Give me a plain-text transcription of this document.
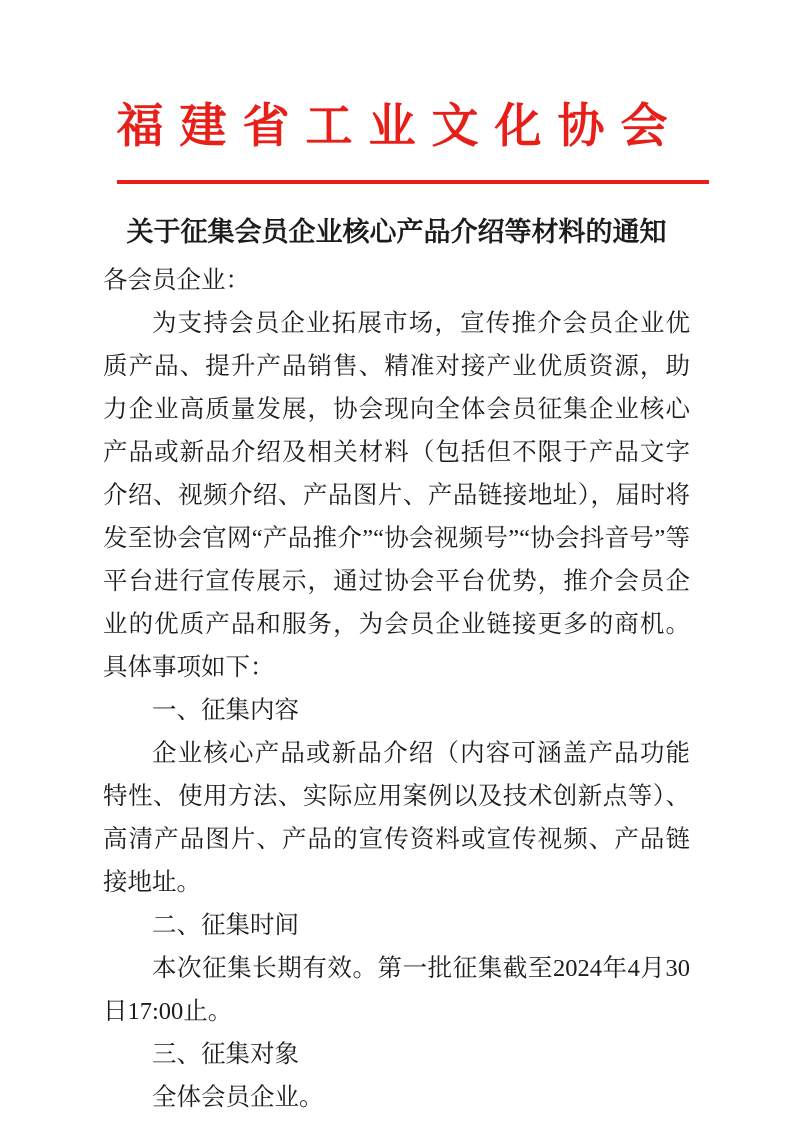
福建省工业文化协会
关于征集会员企业核心产品介绍等材料的通知

各会员企业：

为支持会员企业拓展市场，宣传推介会员企业优质产品、提升产品销售、精准对接产业优质资源，助力企业高质量发展，协会现向全体会员征集企业核心产品或新品介绍及相关材料（包括但不限于产品文字介绍、视频介绍、产品图片、产品链接地址），届时将发至协会官网“产品推介”“协会视频号”“协会抖音号”等平台进行宣传展示，通过协会平台优势，推介会员企业的优质产品和服务，为会员企业链接更多的商机。具体事项如下：

一、征集内容

企业核心产品或新品介绍（内容可涵盖产品功能特性、使用方法、实际应用案例以及技术创新点等）、高清产品图片、产品的宣传资料或宣传视频、产品链接地址。

二、征集时间

本次征集长期有效。第一批征集截至2024年4月30日17:00止。

三、征集对象

全体会员企业。
